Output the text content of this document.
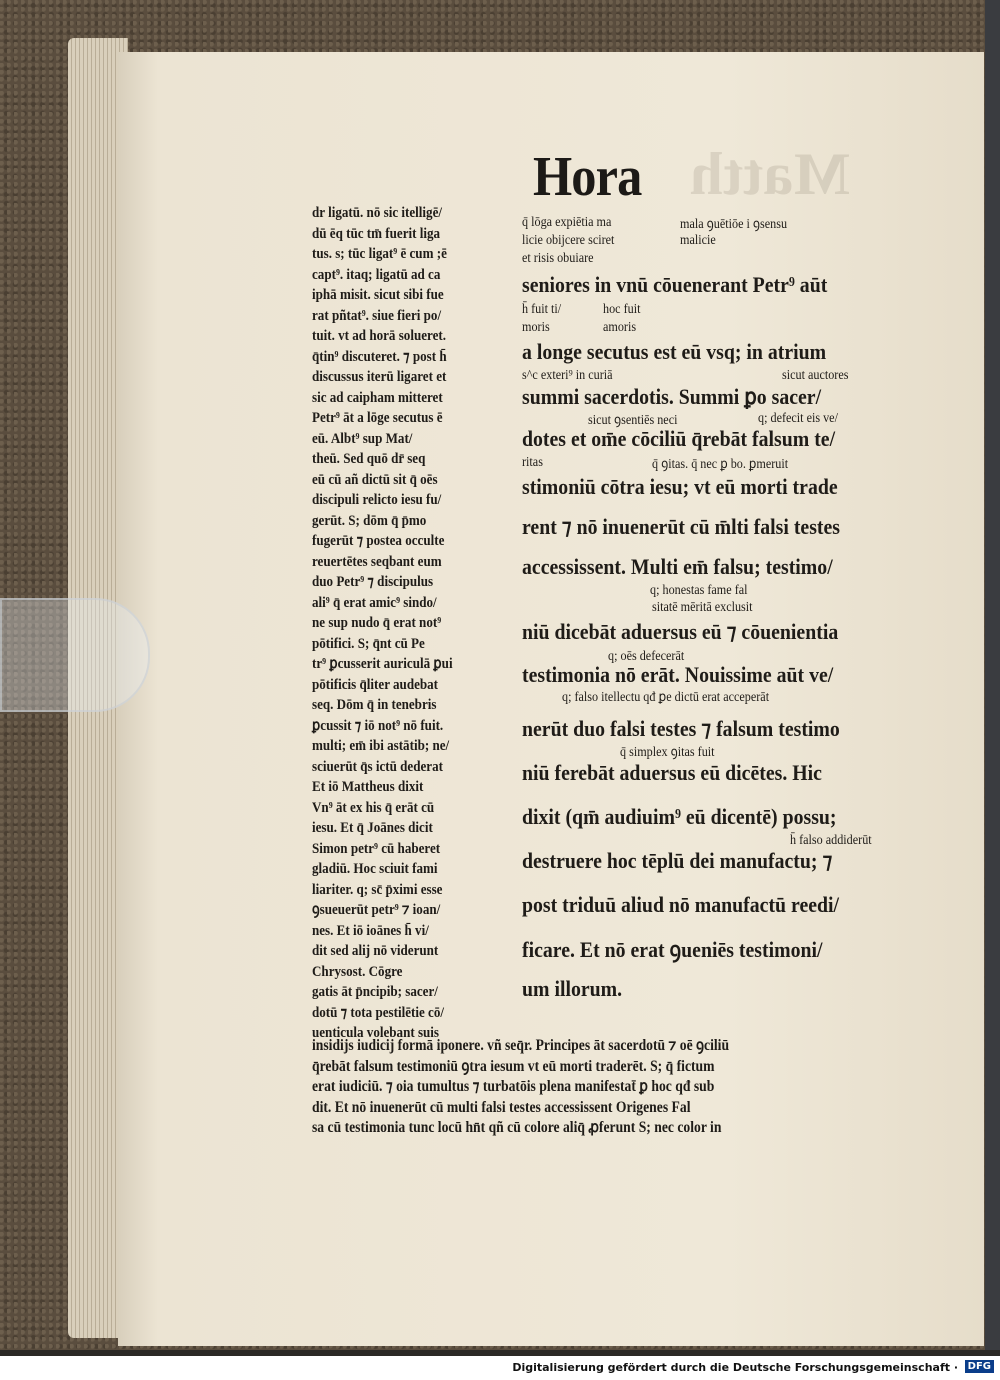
Matth
Hora
dr ligatū. nō sic itelligē/
dū ēq tūc tm̄ fuerit liga
tus. s; tūc ligat⁹ ē cum ;ē
capt⁹. itaq; ligatū ad ca
iphā misit. sicut sibi fue
rat pñtat⁹. siue fieri po/
tuit. vt ad horā solueret.
q̄tin⁹ discuteret. ⁊ post h̄
discussus iterū ligaret et
sic ad caipham mitteret
Petr⁹ āt a lōge secutus ē
eū. Albt⁹ sup Mat/
theū. Sed quō dr̄ seq
eū cū añ dictū sit q̄ oēs
discipuli relicto iesu fu/
gerūt. S; dōm q̄ p̄mo
fugerūt ⁊ postea occulte
reuertētes seqbant eum
duo Petr⁹ ⁊ discipulus
ali⁹ q̄ erat amic⁹ sindo/
ne sup nudo q̄ erat not⁹
pōtifici. S; q̄nt cū Pe
tr⁹ ꝑcusserit auriculā ꝑui
pōtificis q̄liter audebat
seq. Dōm q̄ in tenebris
ꝑcussit ⁊ iō not⁹ nō fuit.
multi; em̄ ibi astātib; ne/
sciuerūt q̄s ictū dederat
Et iō Mattheus dixit
Vn⁹ āt ex his q̄ erāt cū
iesu. Et q̄ Joānes dicit
Simon petr⁹ cū haberet
gladiū. Hoc sciuit fami
liariter. q; sc̄ p̄ximi esse
ꝯsueuerūt petr⁹ ⁊ ioan/
nes. Et iō ioānes h̄ vi/
dit sed alij nō viderunt
Chrysost. Cōgre
gatis āt p̄ncipib; sacer/
dotū ⁊ tota pestilētie cō/
uenticula volebant suis
q̄ lōga expiētia ma	mala ꝯuētiōe i ꝯsensu
licie obijcere sciret	malicie
et risis obuiare
seniores in vnū cōuenerant Petr⁹ aūt
h̄ fuit ti/	hoc fuit
moris	amoris
a longe secutus est eū vsq; in atrium
s^c exteri⁹ in curiā	sicut auctores
summi sacerdotis. Summi ꝑo sacer/
sicut ꝯsentiēs neci	q; defecit eis ve/
dotes et om̄e cōciliū q̄rebāt falsum te/
ritas	q̄ ꝯitas. q̄ nec ꝑ bo. ꝑmeruit
stimoniū cōtra iesu; vt eū morti trade
rent ⁊ nō inuenerūt cū m̄lti falsi testes
accessissent. Multi em̄ falsu; testimo/
q; honestas fame fal
sitatē mēritā exclusit
niū dicebāt aduersus eū ⁊ cōuenientia
q; oēs defecerāt
testimonia nō erāt. Nouissime aūt ve/
q; falso itellectu qđ ꝑe dictū erat acceperāt
nerūt duo falsi testes ⁊ falsum testimo
q̄ simplex ꝯitas fuit
niū ferebāt aduersus eū dicētes. Hic
dixit (qm̄ audiuim⁹ eū dicentē) possu;
h̄ falso addiderūt
destruere hoc tēplū dei manufactu; ⁊
post triduū aliud nō manufactū reedi/
ficare. Et nō erat ꝯueniēs testimoni/
um illorum.
insidijs iudicij formā iponere. vñ seq̄r. Principes āt sacerdotū ⁊ oē ꝯciliū
q̄rebāt falsum testimoniū ꝯtra iesum vt eū morti traderēt. S; q̄ fictum
erat iudiciū. ⁊ oia tumultus ⁊ turbatōis plena manifestat̄ ꝑ hoc qđ sub
dit. Et nō inuenerūt cū multi falsi testes accessissent Origenes Fal
sa cū testimonia tunc locū hn̄t qñ cū colore aliq̄ ꝓferunt S; nec color in
Digitalisierung gefördert durch die Deutsche Forschungsgemeinschaft · DFG
